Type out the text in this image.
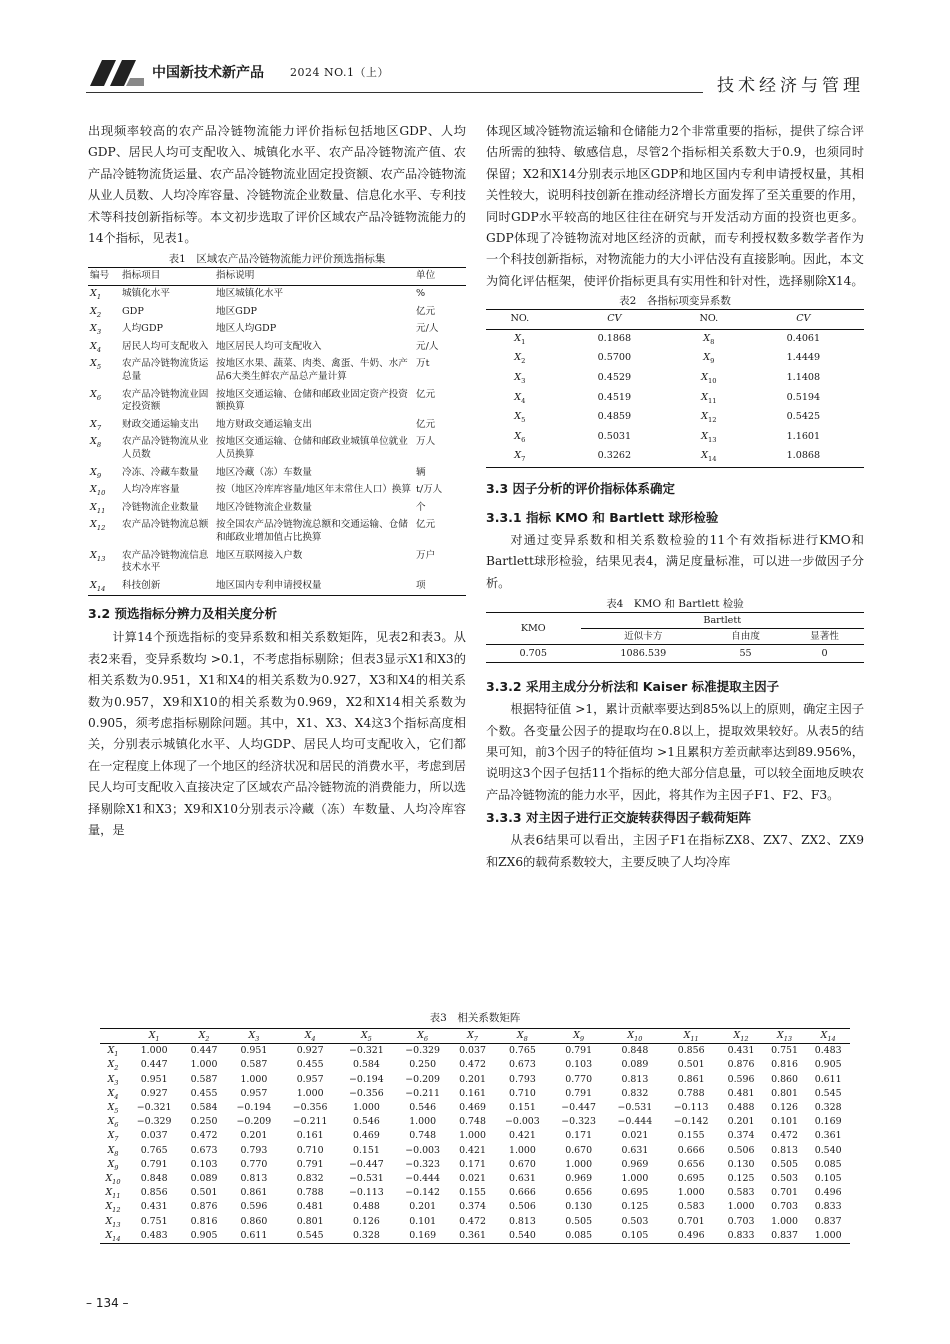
中国新技术新产品 2024 NO.1（上）
技术经济与管理

出现频率较高的农产品冷链物流能力评价指标包括地区GDP、人均GDP、居民人均可支配收入、城镇化水平、农产品冷链物流产值、农产品冷链物流货运量、农产品冷链物流业固定投资额、农产品冷链物流从业人员数、人均冷库容量、冷链物流企业数量、信息化水平、专利技术等科技创新指标等。本文初步选取了评价区域农产品冷链物流能力的14个指标，见表1。

表1　区域农产品冷链物流能力评价预选指标集
编号	指标项目	指标说明	单位
$X_1$	城镇化水平	地区城镇化水平	%
$X_2$	GDP	地区GDP	亿元
$X_3$	人均GDP	地区人均GDP	元/人
$X_4$	居民人均可支配收入	地区居民人均可支配收入	元/人
$X_5$	农产品冷链物流货运总量	按地区水果、蔬菜、肉类、禽蛋、牛奶、水产品6大类生鲜农产品总产量计算	万t
$X_6$	农产品冷链物流业固定投资额	按地区交通运输、仓储和邮政业固定资产投资额换算	亿元
$X_7$	财政交通运输支出	地方财政交通运输支出	亿元
$X_8$	农产品冷链物流从业人员数	按地区交通运输、仓储和邮政业城镇单位就业人员换算	万人
$X_9$	冷冻、冷藏车数量	地区冷藏（冻）车数量	辆
$X_{10}$	人均冷库容量	按（地区冷库库容量/地区年末常住人口）换算	t/万人
$X_{11}$	冷链物流企业数量	地区冷链物流企业数量	个
$X_{12}$	农产品冷链物流总额	按全国农产品冷链物流总额和交通运输、仓储和邮政业增加值占比换算	亿元
$X_{13}$	农产品冷链物流信息技术水平	地区互联网接入户数	万户
$X_{14}$	科技创新	地区国内专利申请授权量	项
3.2 预选指标分辨力及相关度分析

计算14个预选指标的变异系数和相关系数矩阵，见表2和表3。从表2来看，变异系数均 >0.1，不考虑指标剔除；但表3显示X1和X3的相关系数为0.951，X1和X4的相关系数为0.927，X3和X4的相关系数为0.957，X9和X10的相关系数为0.969，X2和X14相关系数为0.905，须考虑指标剔除问题。其中，X1、X3、X4这3个指标高度相关，分别表示城镇化水平、人均GDP、居民人均可支配收入，它们都在一定程度上体现了一个地区的经济状况和居民的消费水平，考虑到居民人均可支配收入直接决定了区域农产品冷链物流的消费能力，所以选择剔除X1和X3；X9和X10分别表示冷藏（冻）车数量、人均冷库容量，是

体现区域冷链物流运输和仓储能力2个非常重要的指标，提供了综合评估所需的独特、敏感信息，尽管2个指标相关系数大于0.9，也须同时保留；X2和X14分别表示地区GDP和地区国内专利申请授权量，其相关性较大，说明科技创新在推动经济增长方面发挥了至关重要的作用，同时GDP水平较高的地区往往在研究与开发活动方面的投资也更多。GDP体现了冷链物流对地区经济的贡献，而专利授权数多数学者作为一个科技创新指标，对物流能力的大小评估没有直接影响。因此，本文为简化评估框架，使评价指标更具有实用性和针对性，选择剔除X14。

表2　各指标项变异系数
NO.	CV	NO.	CV
$X_1$	0.1868	$X_8$	0.4061
$X_2$	0.5700	$X_9$	1.4449
$X_3$	0.4529	$X_{10}$	1.1408
$X_4$	0.4519	$X_{11}$	0.5194
$X_5$	0.4859	$X_{12}$	0.5425
$X_6$	0.5031	$X_{13}$	1.1601
$X_7$	0.3262	$X_{14}$	1.0868
3.3 因子分析的评价指标体系确定
3.3.1 指标 KMO 和 Bartlett 球形检验

对通过变异系数和相关系数检验的11个有效指标进行KMO和Bartlett球形检验，结果见表4，满足度量标准，可以进一步做因子分析。

表4　KMO 和 Bartlett 检验
KMO	Bartlett		
	近似卡方	自由度	显著性
0.705	1086.539	55	0
3.3.2 采用主成分分析法和 Kaiser 标准提取主因子

根据特征值 >1，累计贡献率要达到85%以上的原则，确定主因子个数。各变量公因子的提取均在0.8以上，提取效果较好。从表5的结果可知，前3个因子的特征值均 >1且累积方差贡献率达到89.956%，说明这3个因子包括11个指标的绝大部分信息量，可以较全面地反映农产品冷链物流的能力水平，因此，将其作为主因子F1、F2、F3。

3.3.3 对主因子进行正交旋转获得因子载荷矩阵

从表6结果可以看出，主因子F1在指标ZX8、ZX7、ZX2、ZX9和ZX6的载荷系数较大，主要反映了人均冷库

表3　相关系数矩阵
	$X_1$	$X_2$	$X_3$	$X_4$	$X_5$	$X_6$	$X_7$	$X_8$	$X_9$	$X_{10}$	$X_{11}$	$X_{12}$	$X_{13}$	$X_{14}$
$X_1$	1.000	0.447	0.951	0.927	−0.321	−0.329	0.037	0.765	0.791	0.848	0.856	0.431	0.751	0.483
$X_2$	0.447	1.000	0.587	0.455	0.584	0.250	0.472	0.673	0.103	0.089	0.501	0.876	0.816	0.905
$X_3$	0.951	0.587	1.000	0.957	−0.194	−0.209	0.201	0.793	0.770	0.813	0.861	0.596	0.860	0.611
$X_4$	0.927	0.455	0.957	1.000	−0.356	−0.211	0.161	0.710	0.791	0.832	0.788	0.481	0.801	0.545
$X_5$	−0.321	0.584	−0.194	−0.356	1.000	0.546	0.469	0.151	−0.447	−0.531	−0.113	0.488	0.126	0.328
$X_6$	−0.329	0.250	−0.209	−0.211	0.546	1.000	0.748	−0.003	−0.323	−0.444	−0.142	0.201	0.101	0.169
$X_7$	0.037	0.472	0.201	0.161	0.469	0.748	1.000	0.421	0.171	0.021	0.155	0.374	0.472	0.361
$X_8$	0.765	0.673	0.793	0.710	0.151	−0.003	0.421	1.000	0.670	0.631	0.666	0.506	0.813	0.540
$X_9$	0.791	0.103	0.770	0.791	−0.447	−0.323	0.171	0.670	1.000	0.969	0.656	0.130	0.505	0.085
$X_{10}$	0.848	0.089	0.813	0.832	−0.531	−0.444	0.021	0.631	0.969	1.000	0.695	0.125	0.503	0.105
$X_{11}$	0.856	0.501	0.861	0.788	−0.113	−0.142	0.155	0.666	0.656	0.695	1.000	0.583	0.701	0.496
$X_{12}$	0.431	0.876	0.596	0.481	0.488	0.201	0.374	0.506	0.130	0.125	0.583	1.000	0.703	0.833
$X_{13}$	0.751	0.816	0.860	0.801	0.126	0.101	0.472	0.813	0.505	0.503	0.701	0.703	1.000	0.837
$X_{14}$	0.483	0.905	0.611	0.545	0.328	0.169	0.361	0.540	0.085	0.105	0.496	0.833	0.837	1.000
– 134 –
